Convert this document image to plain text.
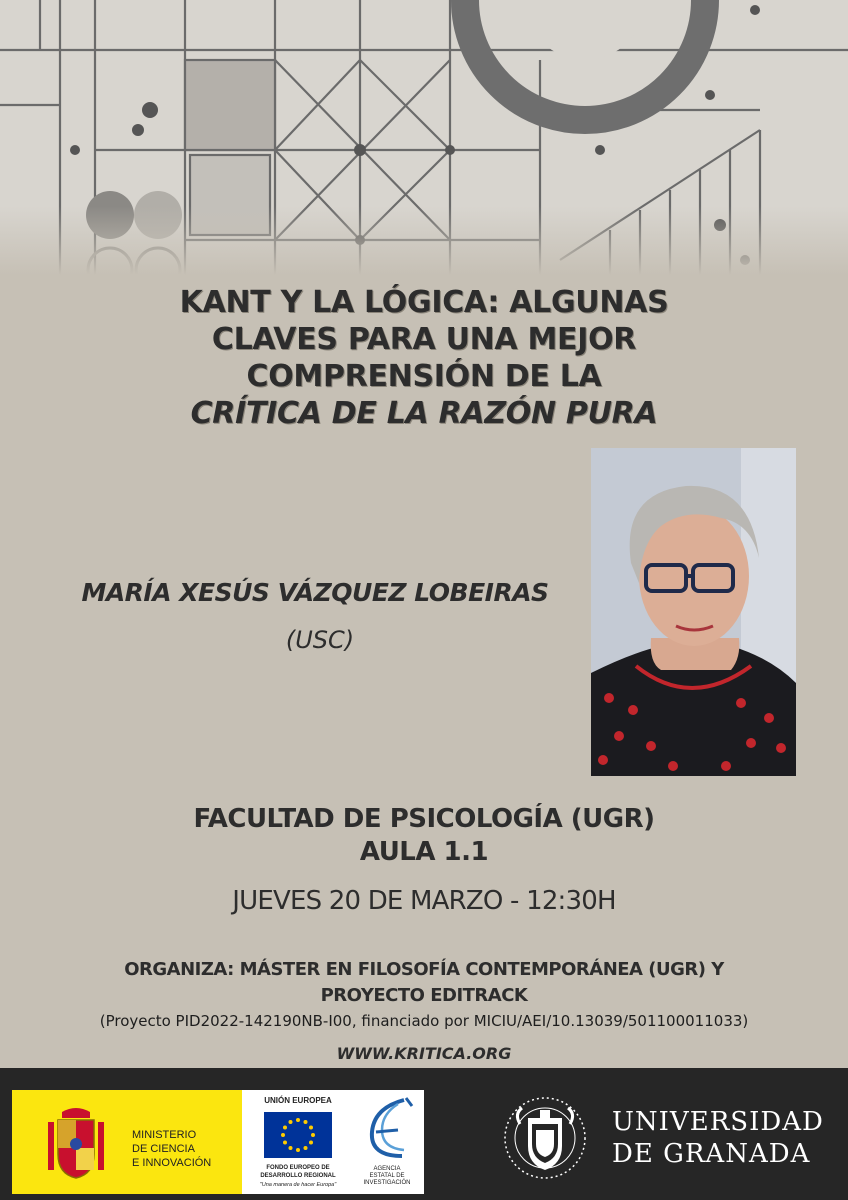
KANT Y LA LÓGICA: ALGUNAS
CLAVES PARA UNA MEJOR
COMPRENSIÓN DE LA
CRÍTICA DE LA RAZÓN PURA
MARÍA XESÚS VÁZQUEZ LOBEIRAS
(USC)
FACULTAD DE PSICOLOGÍA (UGR)
AULA 1.1
JUEVES 20 DE MARZO - 12:30H
ORGANIZA: MÁSTER EN FILOSOFÍA CONTEMPORÁNEA (UGR) Y
PROYECTO EDITRACK
(Proyecto PID2022-142190NB-I00, financiado por MICIU/AEI/10.13039/501100011033)
WWW.KRITICA.ORG
MINISTERIO
DE CIENCIA
E INNOVACIÓN
UNIÓN EUROPEA
FONDO EUROPEO DE
DESARROLLO REGIONAL
"Una manera de hacer Europa"
AGENCIA
ESTATAL DE
INVESTIGACIÓN
UNIVERSIDAD
DE GRANADA
